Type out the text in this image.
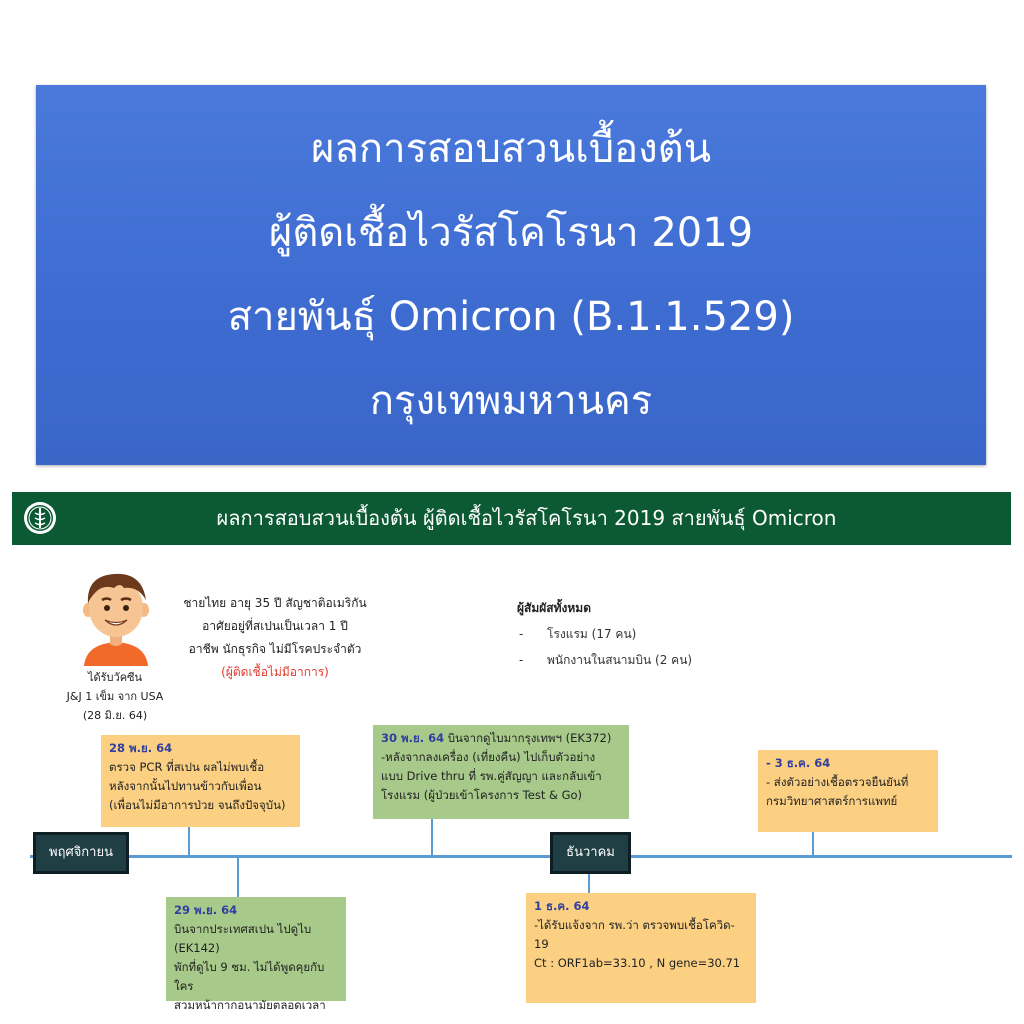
ผลการสอบสวนเบื้องต้น
ผู้ติดเชื้อไวรัสโคโรนา 2019
สายพันธุ์ Omicron (B.1.1.529)
กรุงเทพมหานคร
ผลการสอบสวนเบื้องต้น ผู้ติดเชื้อไวรัสโคโรนา 2019 สายพันธุ์ Omicron
ได้รับวัคซีน
J&J 1 เข็ม จาก USA
(28 มิ.ย. 64)
ชายไทย อายุ 35 ปี สัญชาติอเมริกัน
อาศัยอยู่ที่สเปนเป็นเวลา 1 ปี
อาชีพ นักธุรกิจ ไม่มีโรคประจำตัว
(ผู้ติดเชื้อไม่มีอาการ)
ผู้สัมผัสทั้งหมด
- โรงแรม (17 คน)
- พนักงานในสนามบิน (2 คน)
พฤศจิกายน	ธันวาคม
28 พ.ย. 64
ตรวจ PCR ที่สเปน ผลไม่พบเชื้อ
หลังจากนั้นไปทานข้าวกับเพื่อน
(เพื่อนไม่มีอาการป่วย จนถึงปัจจุบัน)
29 พ.ย. 64
บินจากประเทศสเปน ไปดูไบ (EK142)
พักที่ดูไบ 9 ชม. ไม่ได้พูดคุยกับใคร
สวมหน้ากากอนามัยตลอดเวลา
30 พ.ย. 64 บินจากดูไบมากรุงเทพฯ (EK372)
-หลังจากลงเครื่อง (เที่ยงคืน) ไปเก็บตัวอย่าง
แบบ Drive thru ที่ รพ.คู่สัญญา และกลับเข้า
โรงแรม (ผู้ป่วยเข้าโครงการ Test & Go)
1 ธ.ค. 64
-ได้รับแจ้งจาก รพ.ว่า ตรวจพบเชื้อโควิด-
19
Ct : ORF1ab=33.10 , N gene=30.71
- 3 ธ.ค. 64
- ส่งตัวอย่างเชื้อตรวจยืนยันที่
กรมวิทยาศาสตร์การแพทย์
